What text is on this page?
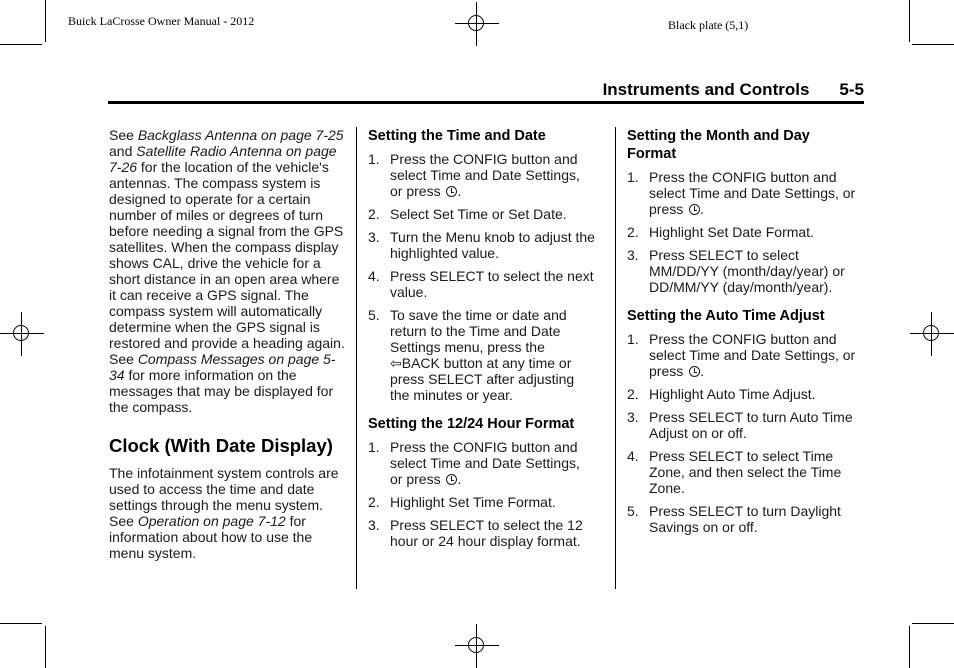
Buick LaCrosse Owner Manual - 2012	Black plate (5,1)
Instruments and Controls 5-5

See Backglass Antenna on page 7-25 and Satellite Radio Antenna on page 7-26 for the location of the vehicle's antennas. The compass system is designed to operate for a certain number of miles or degrees of turn before needing a signal from the GPS satellites. When the compass display shows CAL, drive the vehicle for a short distance in an open area where it can receive a GPS signal. The compass system will automatically determine when the GPS signal is restored and provide a heading again. See Compass Messages on page 5-34 for more information on the messages that may be displayed for the compass.

Clock (With Date Display)

The infotainment system controls are used to access the time and date settings through the menu system. See Operation on page 7-12 for information about how to use the menu system.

Setting the Time and Date
1. Press the CONFIG button and select Time and Date Settings, or press .
2. Select Set Time or Set Date.
3. Turn the Menu knob to adjust the highlighted value.
4. Press SELECT to select the next value.
5. To save the time or date and return to the Time and Date Settings menu, press the
⇦BACK button at any time or press SELECT after adjusting the minutes or year.
Setting the 12/24 Hour Format
1. Press the CONFIG button and select Time and Date Settings, or press .
2. Highlight Set Time Format.
3. Press SELECT to select the 12 hour or 24 hour display format.
Setting the Month and Day Format
1. Press the CONFIG button and select Time and Date Settings, or press .
2. Highlight Set Date Format.
3. Press SELECT to select MM/DD/YY (month/day/year) or DD/MM/YY (day/month/year).
Setting the Auto Time Adjust
1. Press the CONFIG button and select Time and Date Settings, or press .
2. Highlight Auto Time Adjust.
3. Press SELECT to turn Auto Time Adjust on or off.
4. Press SELECT to select Time Zone, and then select the Time Zone.
5. Press SELECT to turn Daylight Savings on or off.
